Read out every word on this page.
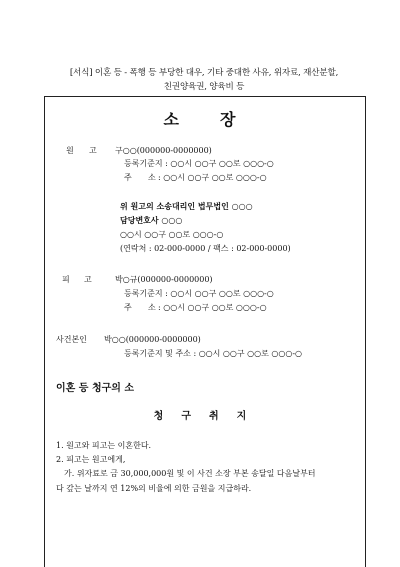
[서식] 이혼 등 - 폭행 등 부당한 대우, 기타 중대한 사유, 위자료, 재산분할,
친권양육권, 양육비 등
소	장
원 고 구○○(000000-0000000)
등록기준지 : ○○시 ○○구 ○○로 ○○○-○
주 소 : ○○시 ○○구 ○○로 ○○○-○
위 원고의 소송대리인 법무법인 ○○○
담당변호사 ○○○
○○시 ○○구 ○○로 ○○○-○
(연락처 : 02-000-0000 / 팩스 : 02-000-0000)
피 고	박○규(000000-0000000)
등록기준지 : ○○시 ○○구 ○○로 ○○○-○
주 소 : ○○시 ○○구 ○○로 ○○○-○
사건본인 박○○(000000-0000000)
등록기준지 및 주소 : ○○시 ○○구 ○○로 ○○○-○
이혼 등 청구의 소
청 구 취 지
1. 원고와 피고는 이혼한다.
2. 피고는 원고에게,
가. 위자료로 금 30,000,000원 및 이 사건 소장 부본 송달일 다음날부터
다 갚는 날까지 연 12%의 비율에 의한 금원을 지급하라.
